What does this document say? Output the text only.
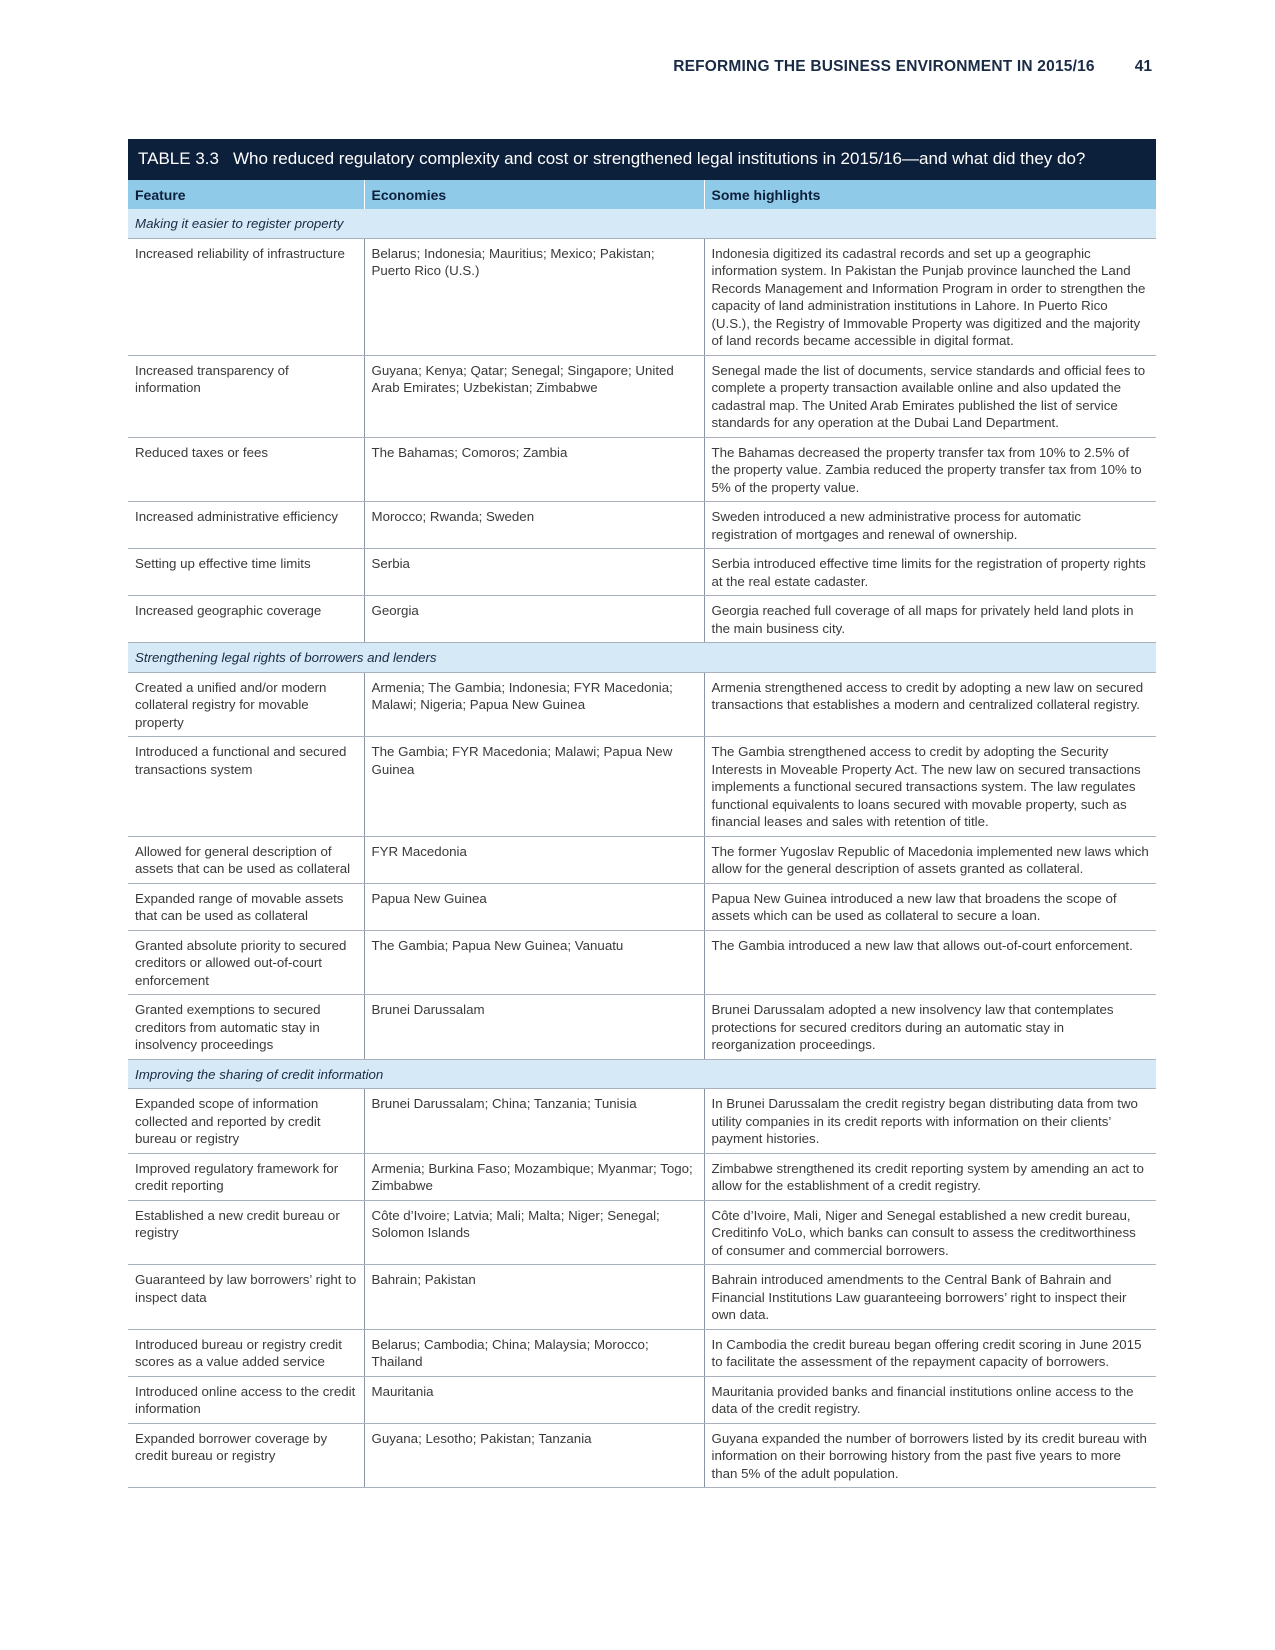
REFORMING THE BUSINESS ENVIRONMENT IN 2015/16	41
TABLE 3.3 Who reduced regulatory complexity and cost or strengthened legal institutions in 2015/16—and what did they do?
Feature	Economies	Some highlights
Making it easier to register property		
Increased reliability of infrastructure	Belarus; Indonesia; Mauritius; Mexico; Pakistan; Puerto Rico (U.S.)	Indonesia digitized its cadastral records and set up a geographic information system. In Pakistan the Punjab province launched the Land Records Management and Information Program in order to strengthen the capacity of land administration institutions in Lahore. In Puerto Rico (U.S.), the Registry of Immovable Property was digitized and the majority of land records became accessible in digital format.
Increased transparency of information	Guyana; Kenya; Qatar; Senegal; Singapore; United Arab Emirates; Uzbekistan; Zimbabwe	Senegal made the list of documents, service standards and official fees to complete a property transaction available online and also updated the cadastral map. The United Arab Emirates published the list of service standards for any operation at the Dubai Land Department.
Reduced taxes or fees	The Bahamas; Comoros; Zambia	The Bahamas decreased the property transfer tax from 10% to 2.5% of the property value. Zambia reduced the property transfer tax from 10% to 5% of the property value.
Increased administrative efficiency	Morocco; Rwanda; Sweden	Sweden introduced a new administrative process for automatic registration of mortgages and renewal of ownership.
Setting up effective time limits	Serbia	Serbia introduced effective time limits for the registration of property rights at the real estate cadaster.
Increased geographic coverage	Georgia	Georgia reached full coverage of all maps for privately held land plots in the main business city.
Strengthening legal rights of borrowers and lenders		
Created a unified and/or modern collateral registry for movable property	Armenia; The Gambia; Indonesia; FYR Macedonia; Malawi; Nigeria; Papua New Guinea	Armenia strengthened access to credit by adopting a new law on secured transactions that establishes a modern and centralized collateral registry.
Introduced a functional and secured transactions system	The Gambia; FYR Macedonia; Malawi; Papua New Guinea	The Gambia strengthened access to credit by adopting the Security Interests in Moveable Property Act. The new law on secured transactions implements a functional secured transactions system. The law regulates functional equivalents to loans secured with movable property, such as financial leases and sales with retention of title.
Allowed for general description of assets that can be used as collateral	FYR Macedonia	The former Yugoslav Republic of Macedonia implemented new laws which allow for the general description of assets granted as collateral.
Expanded range of movable assets that can be used as collateral	Papua New Guinea	Papua New Guinea introduced a new law that broadens the scope of assets which can be used as collateral to secure a loan.
Granted absolute priority to secured creditors or allowed out-of-court enforcement	The Gambia; Papua New Guinea; Vanuatu	The Gambia introduced a new law that allows out-of-court enforcement.
Granted exemptions to secured creditors from automatic stay in insolvency proceedings	Brunei Darussalam	Brunei Darussalam adopted a new insolvency law that contemplates protections for secured creditors during an automatic stay in reorganization proceedings.
Improving the sharing of credit information		
Expanded scope of information collected and reported by credit bureau or registry	Brunei Darussalam; China; Tanzania; Tunisia	In Brunei Darussalam the credit registry began distributing data from two utility companies in its credit reports with information on their clients’ payment histories.
Improved regulatory framework for credit reporting	Armenia; Burkina Faso; Mozambique; Myanmar; Togo; Zimbabwe	Zimbabwe strengthened its credit reporting system by amending an act to allow for the establishment of a credit registry.
Established a new credit bureau or registry	Côte d’Ivoire; Latvia; Mali; Malta; Niger; Senegal; Solomon Islands	Côte d’Ivoire, Mali, Niger and Senegal established a new credit bureau, Creditinfo VoLo, which banks can consult to assess the creditworthiness of consumer and commercial borrowers.
Guaranteed by law borrowers’ right to inspect data	Bahrain; Pakistan	Bahrain introduced amendments to the Central Bank of Bahrain and Financial Institutions Law guaranteeing borrowers’ right to inspect their own data.
Introduced bureau or registry credit scores as a value added service	Belarus; Cambodia; China; Malaysia; Morocco; Thailand	In Cambodia the credit bureau began offering credit scoring in June 2015 to facilitate the assessment of the repayment capacity of borrowers.
Introduced online access to the credit information	Mauritania	Mauritania provided banks and financial institutions online access to the data of the credit registry.
Expanded borrower coverage by credit bureau or registry	Guyana; Lesotho; Pakistan; Tanzania	Guyana expanded the number of borrowers listed by its credit bureau with information on their borrowing history from the past five years to more than 5% of the adult population.
